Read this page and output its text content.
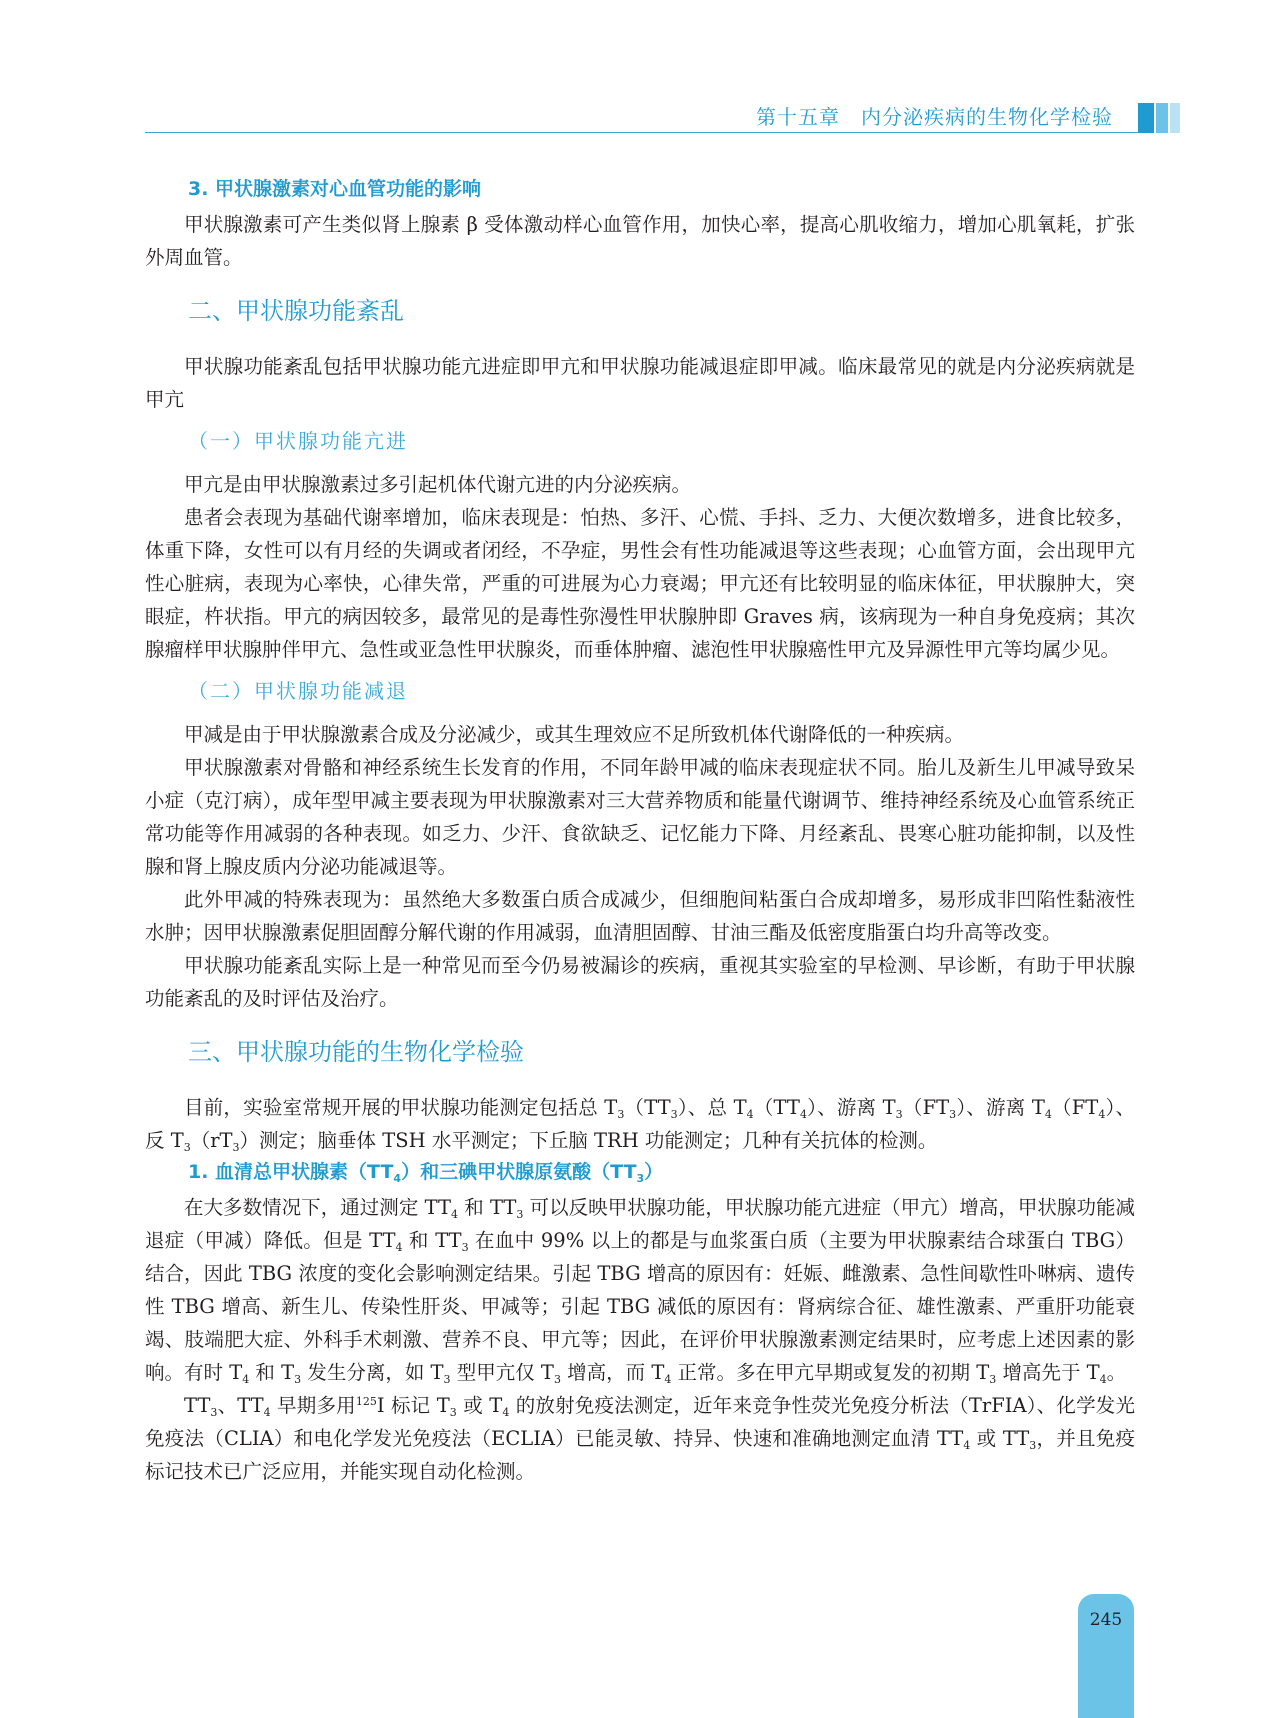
第十五章　内分泌疾病的生物化学检验
3. 甲状腺激素对心血管功能的影响

甲状腺激素可产生类似肾上腺素 β 受体激动样心血管作用，加快心率，提高心肌收缩力，增加心肌氧耗，扩张外周血管。

二、甲状腺功能紊乱

甲状腺功能紊乱包括甲状腺功能亢进症即甲亢和甲状腺功能减退症即甲减。临床最常见的就是内分泌疾病就是甲亢

（一）甲状腺功能亢进

甲亢是由甲状腺激素过多引起机体代谢亢进的内分泌疾病。

患者会表现为基础代谢率增加，临床表现是：怕热、多汗、心慌、手抖、乏力、大便次数增多，进食比较多，体重下降，女性可以有月经的失调或者闭经，不孕症，男性会有性功能减退等这些表现；心血管方面，会出现甲亢性心脏病，表现为心率快，心律失常，严重的可进展为心力衰竭；甲亢还有比较明显的临床体征，甲状腺肿大，突眼症，杵状指。甲亢的病因较多，最常见的是毒性弥漫性甲状腺肿即 Graves 病，该病现为一种自身免疫病；其次腺瘤样甲状腺肿伴甲亢、急性或亚急性甲状腺炎，而垂体肿瘤、滤泡性甲状腺癌性甲亢及异源性甲亢等均属少见。

（二）甲状腺功能减退

甲减是由于甲状腺激素合成及分泌减少，或其生理效应不足所致机体代谢降低的一种疾病。

甲状腺激素对骨骼和神经系统生长发育的作用，不同年龄甲减的临床表现症状不同。胎儿及新生儿甲减导致呆小症（克汀病），成年型甲减主要表现为甲状腺激素对三大营养物质和能量代谢调节、维持神经系统及心血管系统正常功能等作用减弱的各种表现。如乏力、少汗、食欲缺乏、记忆能力下降、月经紊乱、畏寒心脏功能抑制，以及性腺和肾上腺皮质内分泌功能减退等。

此外甲减的特殊表现为：虽然绝大多数蛋白质合成减少，但细胞间粘蛋白合成却增多，易形成非凹陷性黏液性水肿；因甲状腺激素促胆固醇分解代谢的作用减弱，血清胆固醇、甘油三酯及低密度脂蛋白均升高等改变。

甲状腺功能紊乱实际上是一种常见而至今仍易被漏诊的疾病，重视其实验室的早检测、早诊断，有助于甲状腺功能紊乱的及时评估及治疗。

三、甲状腺功能的生物化学检验

目前，实验室常规开展的甲状腺功能测定包括总 $T_3(TT_3)$、总 $T_4(TT_4)$、游离 $T_3(FT_3)$、游离 $T_4(FT_4)$、反 $T_3(rT_3)$测定；脑垂体 TSH 水平测定；下丘脑 TRH 功能测定；几种有关抗体的检测。

1. 血清总甲状腺素$(TT_4)$和三碘甲状腺原氨酸$(TT_3)$

在大多数情况下，通过测定 $TT_4$ 和 $TT_3$ 可以反映甲状腺功能，甲状腺功能亢进症（甲亢）增高，甲状腺功能减退症（甲减）降低。但是 $TT_4$ 和 $TT_3$ 在血中 99% 以上的都是与血浆蛋白质（主要为甲状腺素结合球蛋白 TBG）结合，因此 TBG 浓度的变化会影响测定结果。引起 TBG 增高的原因有：妊娠、雌激素、急性间歇性卟啉病、遗传性 TBG 增高、新生儿、传染性肝炎、甲减等；引起 TBG 减低的原因有：肾病综合征、雄性激素、严重肝功能衰竭、肢端肥大症、外科手术刺激、营养不良、甲亢等；因此，在评价甲状腺激素测定结果时，应考虑上述因素的影响。有时 $T_4$ 和 $T_3$ 发生分离，如 $T_3$ 型甲亢仅 $T_3$ 增高，而 $T_4$ 正常。多在甲亢早期或复发的初期 $T_3$ 增高先于 $T_4$。

$TT_3$、$TT_4$ 早期多用$^{125}$I 标记 $T_3$ 或 $T_4$ 的放射免疫法测定，近年来竞争性荧光免疫分析法（TrFIA）、化学发光免疫法（CLIA）和电化学发光免疫法（ECLIA）已能灵敏、持异、快速和准确地测定血清 $TT_4$ 或 $TT_3$，并且免疫标记技术已广泛应用，并能实现自动化检测。

245
